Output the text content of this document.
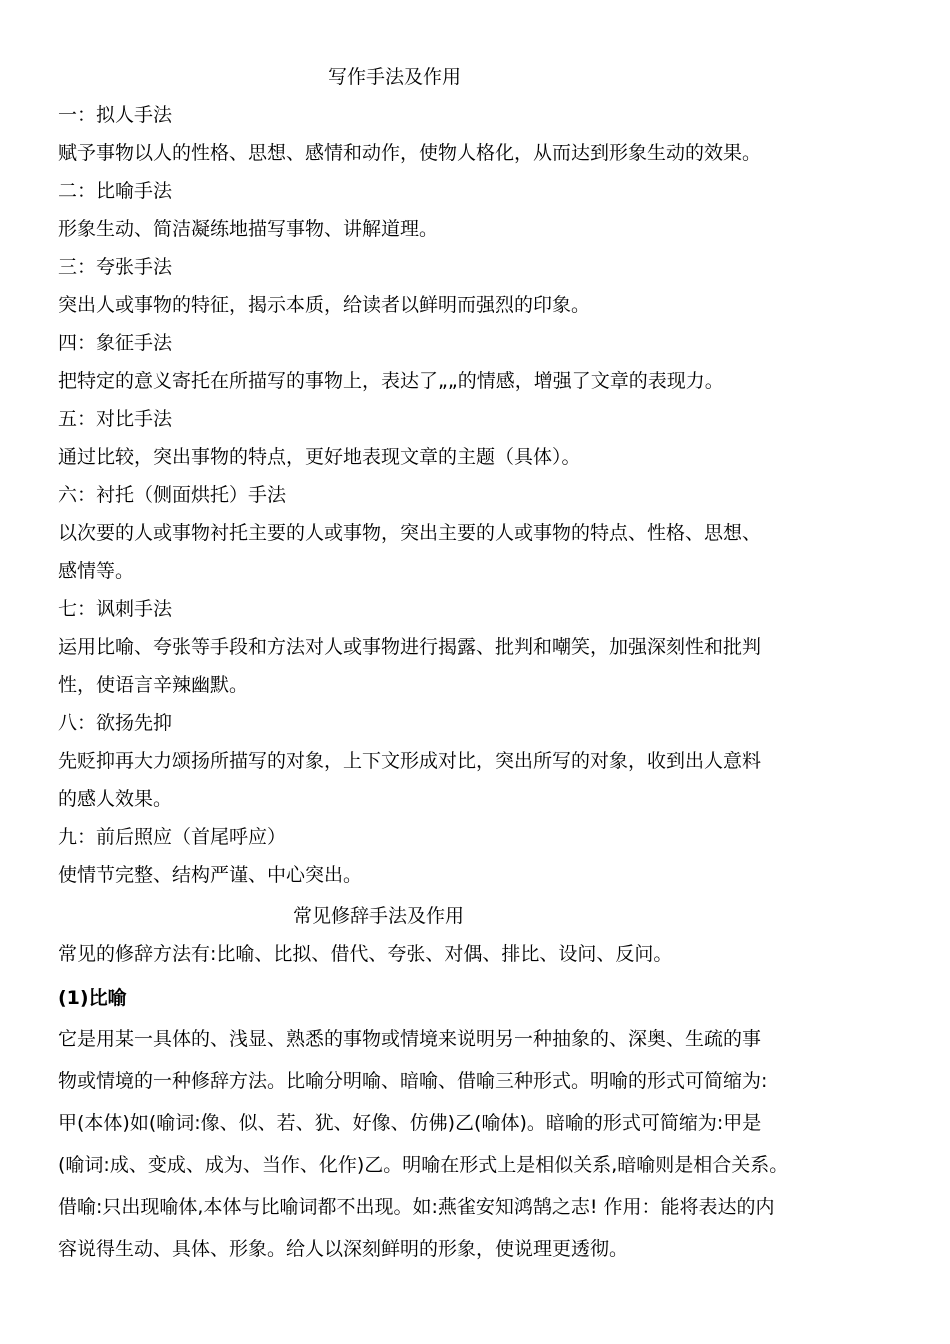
写作手法及作用
一：拟人手法
赋予事物以人的性格、思想、感情和动作，使物人格化，从而达到形象生动的效果。
二：比喻手法
形象生动、简洁凝练地描写事物、讲解道理。
三：夸张手法
突出人或事物的特征，揭示本质，给读者以鲜明而强烈的印象。
四：象征手法
把特定的意义寄托在所描写的事物上，表达了„„的情感，增强了文章的表现力。
五：对比手法
通过比较，突出事物的特点，更好地表现文章的主题（具体）。
六：衬托（侧面烘托）手法
以次要的人或事物衬托主要的人或事物，突出主要的人或事物的特点、性格、思想、
感情等。
七：讽刺手法
运用比喻、夸张等手段和方法对人或事物进行揭露、批判和嘲笑，加强深刻性和批判
性，使语言辛辣幽默。
八：欲扬先抑
先贬抑再大力颂扬所描写的对象，上下文形成对比，突出所写的对象，收到出人意料
的感人效果。
九：前后照应（首尾呼应）
使情节完整、结构严谨、中心突出。
常见修辞手法及作用
常见的修辞方法有:比喻、比拟、借代、夸张、对偶、排比、设问、反问。
(1)比喻
它是用某一具体的、浅显、熟悉的事物或情境来说明另一种抽象的、深奥、生疏的事
物或情境的一种修辞方法。比喻分明喻、暗喻、借喻三种形式。明喻的形式可简缩为:
甲(本体)如(喻词:像、似、若、犹、好像、仿佛)乙(喻体)。暗喻的形式可简缩为:甲是
(喻词:成、变成、成为、当作、化作)乙。明喻在形式上是相似关系,暗喻则是相合关系。
借喻:只出现喻体,本体与比喻词都不出现。如:燕雀安知鸿鹄之志! 作用：能将表达的内
容说得生动、具体、形象。给人以深刻鲜明的形象，使说理更透彻。
